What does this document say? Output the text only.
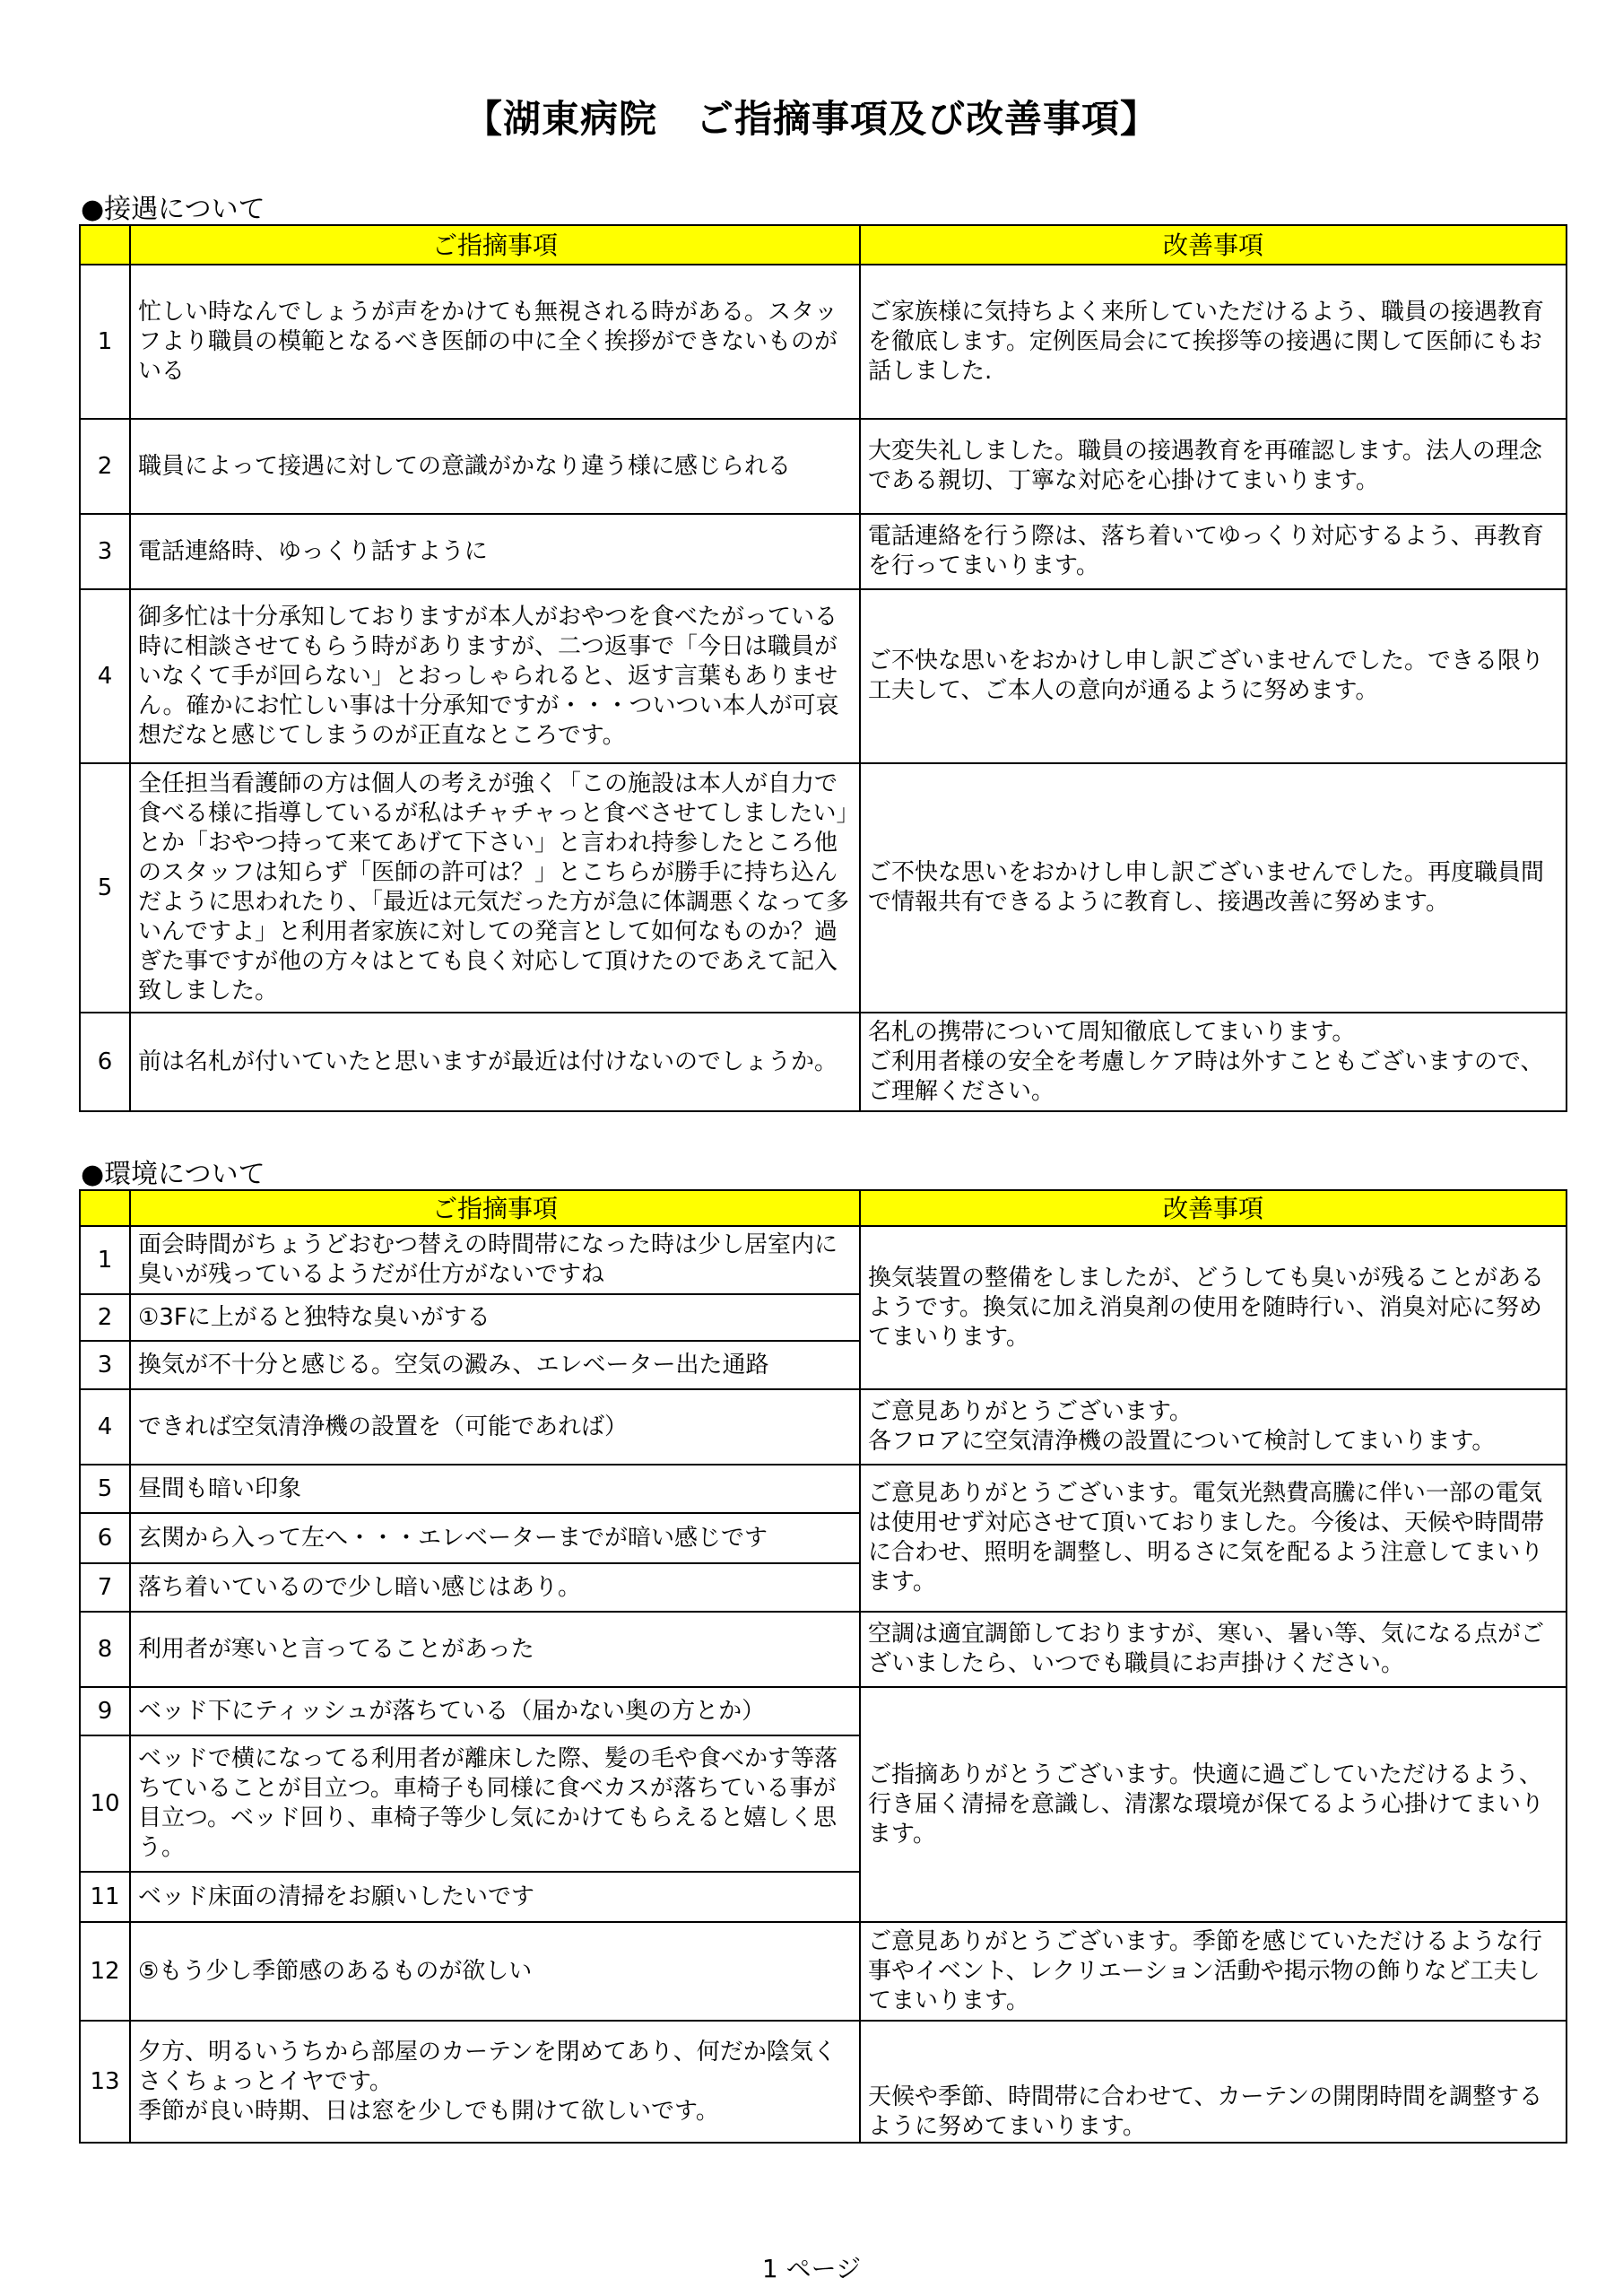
【湖東病院　ご指摘事項及び改善事項】
●接遇について
	ご指摘事項	改善事項
1	忙しい時なんでしょうが声をかけても無視される時がある。スタッフより職員の模範となるべき医師の中に全く挨拶ができないものがいる	ご家族様に気持ちよく来所していただけるよう、職員の接遇教育を徹底します。定例医局会にて挨拶等の接遇に関して医師にもお話しました.
2	職員によって接遇に対しての意識がかなり違う様に感じられる	大変失礼しました。職員の接遇教育を再確認します。法人の理念である親切、丁寧な対応を心掛けてまいります。
3	電話連絡時、ゆっくり話すように	電話連絡を行う際は、落ち着いてゆっくり対応するよう、再教育を行ってまいります。
4	御多忙は十分承知しておりますが本人がおやつを食べたがっている時に相談させてもらう時がありますが、二つ返事で「今日は職員がいなくて手が回らない」とおっしゃられると、返す言葉もありません。確かにお忙しい事は十分承知ですが・・・ついつい本人が可哀想だなと感じてしまうのが正直なところです。	ご不快な思いをおかけし申し訳ございませんでした。できる限り工夫して、ご本人の意向が通るように努めます。
5	全任担当看護師の方は個人の考えが強く「この施設は本人が自力で食べる様に指導しているが私はチャチャっと食べさせてしましたい」とか「おやつ持って来てあげて下さい」と言われ持参したところ他のスタッフは知らず「医師の許可は？」とこちらが勝手に持ち込んだように思われたり、「最近は元気だった方が急に体調悪くなって多いんですよ」と利用者家族に対しての発言として如何なものか？過ぎた事ですが他の方々はとても良く対応して頂けたのであえて記入致しました。	ご不快な思いをおかけし申し訳ございませんでした。再度職員間で情報共有できるように教育し、接遇改善に努めます。
6	前は名札が付いていたと思いますが最近は付けないのでしょうか。	名札の携帯について周知徹底してまいります。
ご利用者様の安全を考慮しケア時は外すこともございますので、ご理解ください。
●環境について
	ご指摘事項	改善事項
1	面会時間がちょうどおむつ替えの時間帯になった時は少し居室内に臭いが残っているようだが仕方がないですね	換気装置の整備をしましたが、どうしても臭いが残ることがあるようです。換気に加え消臭剤の使用を随時行い、消臭対応に努めてまいります。
2	①3Fに上がると独特な臭いがする	
3	換気が不十分と感じる。空気の澱み、エレベーター出た通路	
4	できれば空気清浄機の設置を（可能であれば）	ご意見ありがとうございます。
各フロアに空気清浄機の設置について検討してまいります。
5	昼間も暗い印象	ご意見ありがとうございます。電気光熱費高騰に伴い一部の電気は使用せず対応させて頂いておりました。今後は、天候や時間帯に合わせ、照明を調整し、明るさに気を配るよう注意してまいります。
6	玄関から入って左へ・・・エレベーターまでが暗い感じです	
7	落ち着いているので少し暗い感じはあり。	
8	利用者が寒いと言ってることがあった	空調は適宜調節しておりますが、寒い、暑い等、気になる点がございましたら、いつでも職員にお声掛けください。
9	ベッド下にティッシュが落ちている（届かない奥の方とか）	ご指摘ありがとうございます。快適に過ごしていただけるよう、行き届く清掃を意識し、清潔な環境が保てるよう心掛けてまいります。
10	ベッドで横になってる利用者が離床した際、髪の毛や食べかす等落ちていることが目立つ。車椅子も同様に食べカスが落ちている事が目立つ。ベッド回り、車椅子等少し気にかけてもらえると嬉しく思う。	
11	ベッド床面の清掃をお願いしたいです	
12	⑤もう少し季節感のあるものが欲しい	ご意見ありがとうございます。季節を感じていただけるような行事やイベント、レクリエーション活動や掲示物の飾りなど工夫してまいります。
13	夕方、明るいうちから部屋のカーテンを閉めてあり、何だか陰気くさくちょっとイヤです。
季節が良い時期、日は窓を少しでも開けて欲しいです。	天候や季節、時間帯に合わせて、カーテンの開閉時間を調整するように努めてまいります。
1 ページ
